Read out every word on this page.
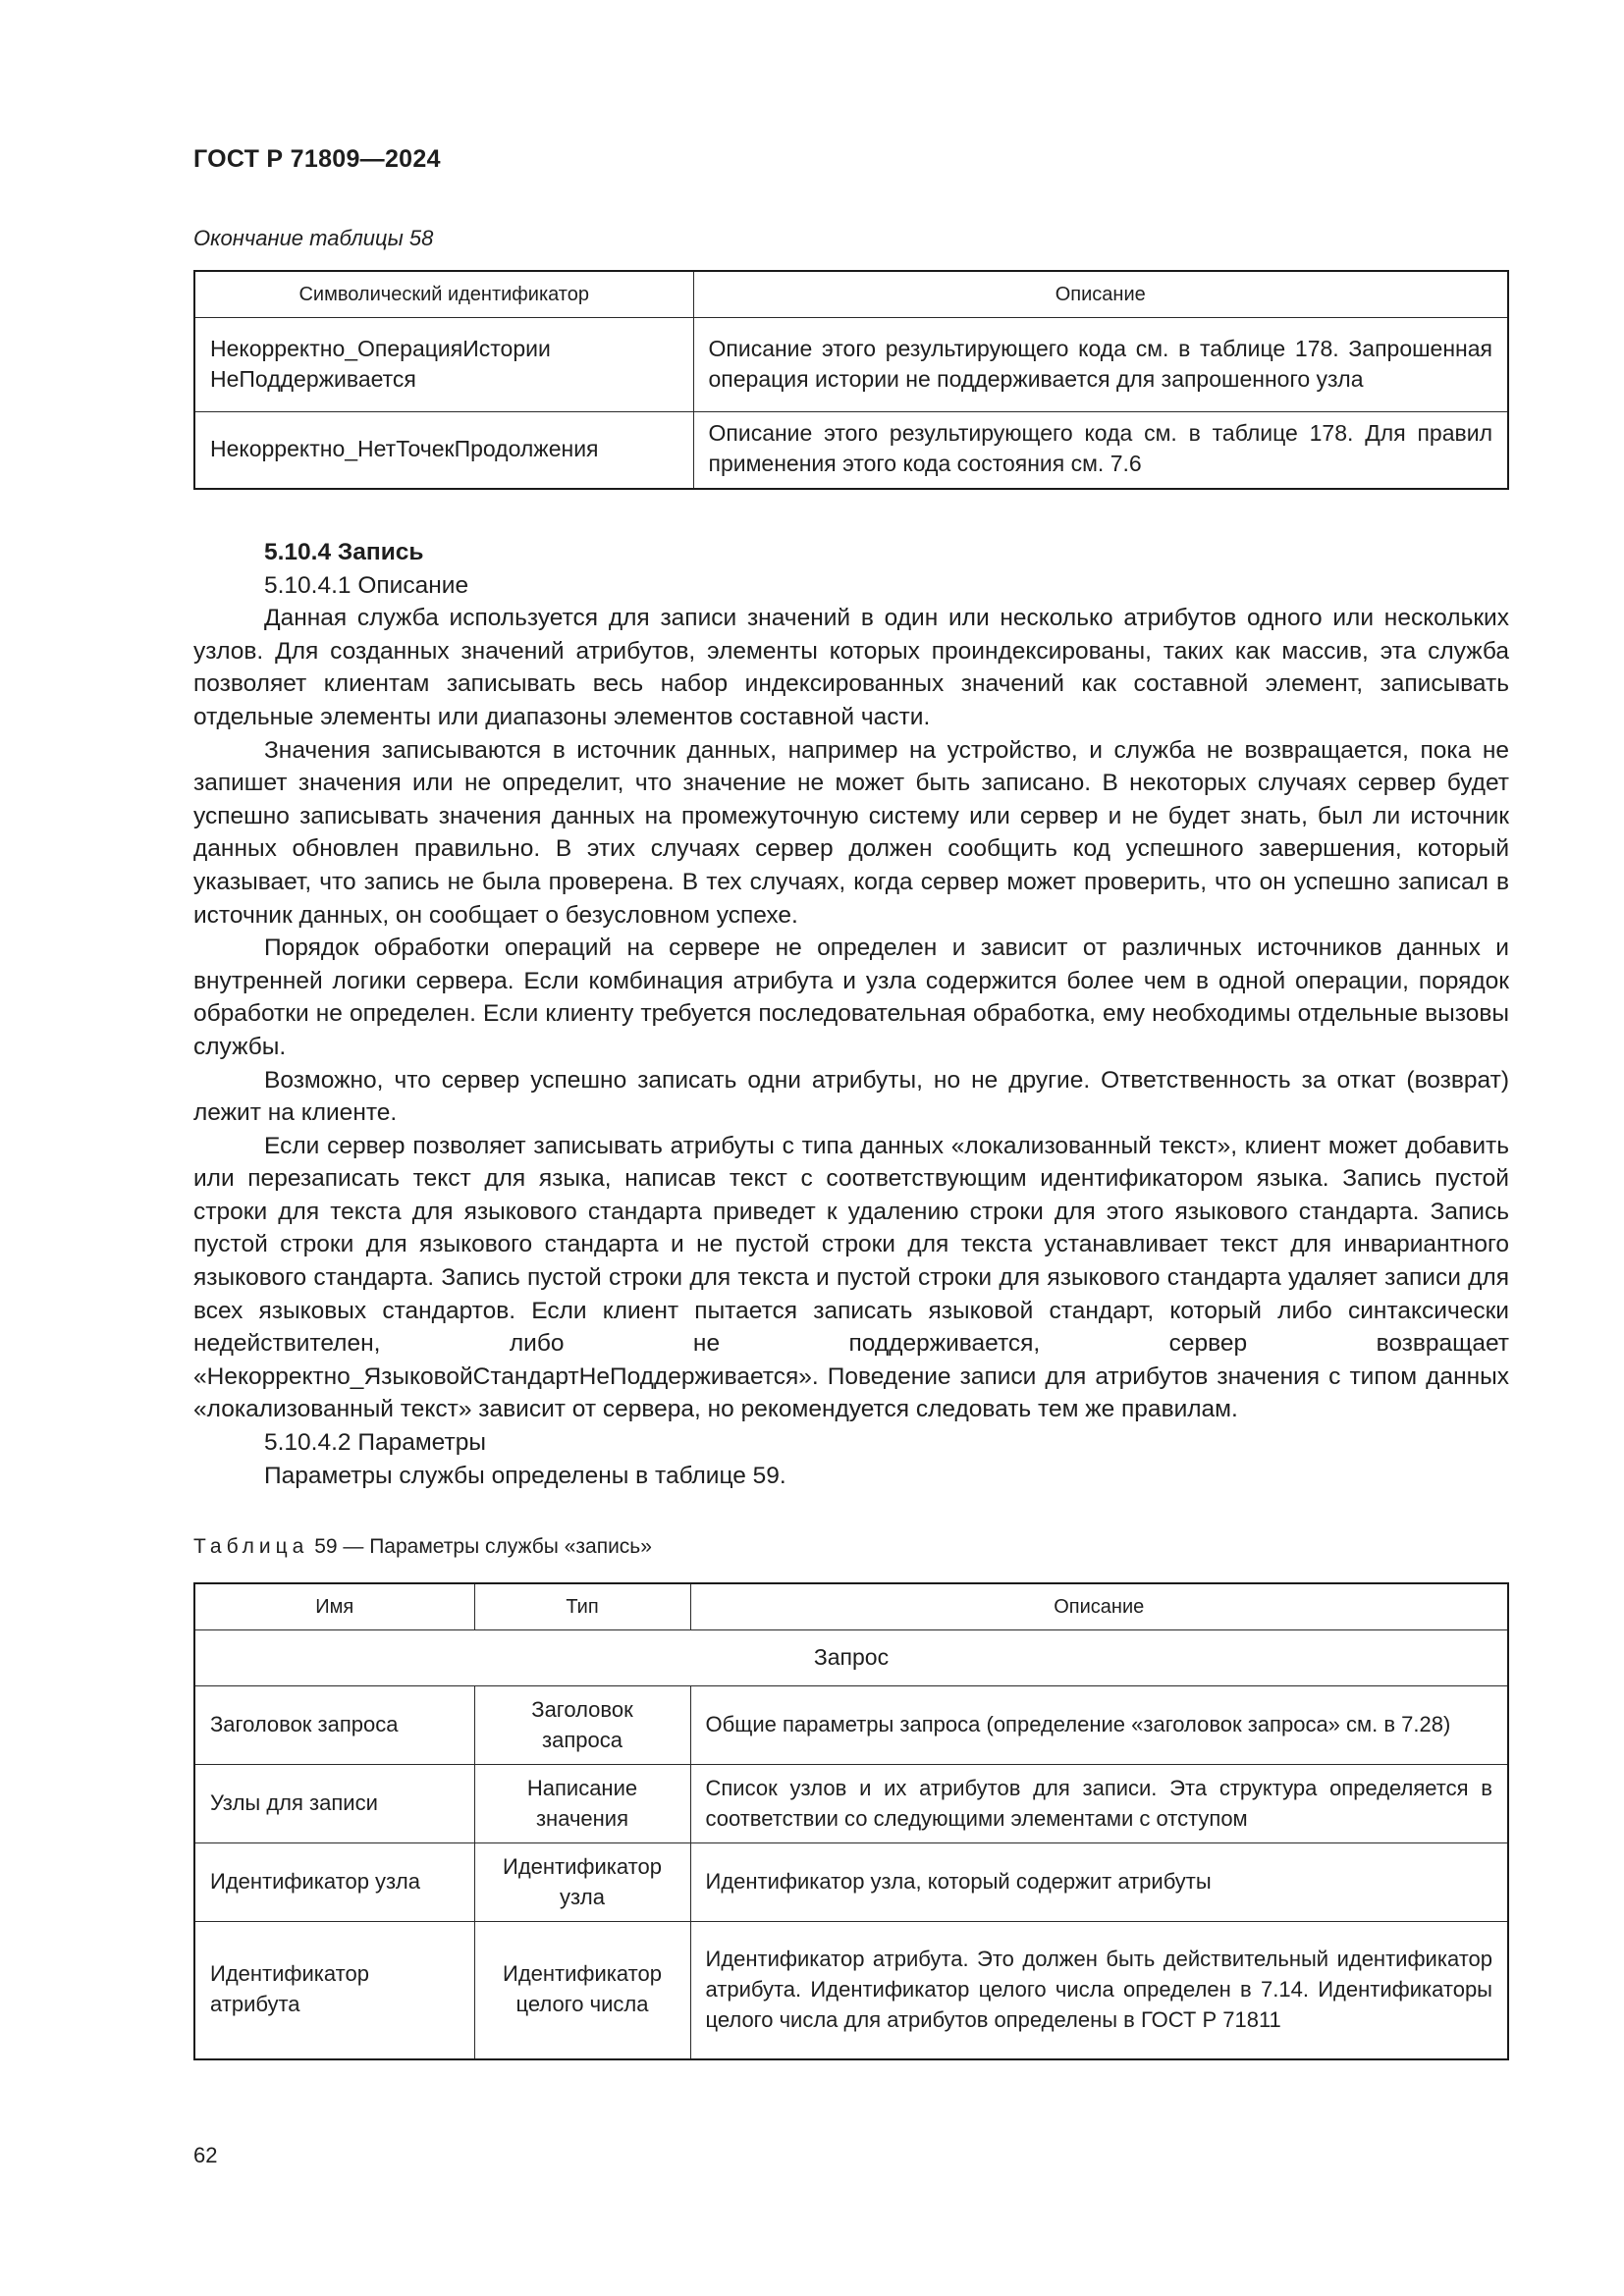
ГОСТ Р 71809—2024
Окончание таблицы 58
Символический идентификатор	Описание
Некорректно_ОперацияИстории НеПоддерживается	Описание этого результирующего кода см. в таблице 178. Запрошенная операция истории не поддерживается для запрошенного узла
Некорректно_НетТочекПродолжения	Описание этого результирующего кода см. в таблице 178. Для правил применения этого кода состояния см. 7.6

5.10.4 Запись

5.10.4.1 Описание

Данная служба используется для записи значений в один или несколько атрибутов одного или нескольких узлов. Для созданных значений атрибутов, элементы которых проиндексированы, таких как массив, эта служба позволяет клиентам записывать весь набор индексированных значений как составной элемент, записывать отдельные элементы или диапазоны элементов составной части.

Значения записываются в источник данных, например на устройство, и служба не возвращается, пока не запишет значения или не определит, что значение не может быть записано. В некоторых случаях сервер будет успешно записывать значения данных на промежуточную систему или сервер и не будет знать, был ли источник данных обновлен правильно. В этих случаях сервер должен сообщить код успешного завершения, который указывает, что запись не была проверена. В тех случаях, когда сервер может проверить, что он успешно записал в источник данных, он сообщает о безусловном успехе.

Порядок обработки операций на сервере не определен и зависит от различных источников данных и внутренней логики сервера. Если комбинация атрибута и узла содержится более чем в одной операции, порядок обработки не определен. Если клиенту требуется последовательная обработка, ему необходимы отдельные вызовы службы.

Возможно, что сервер успешно записать одни атрибуты, но не другие. Ответственность за откат (возврат) лежит на клиенте.

Если сервер позволяет записывать атрибуты с типа данных «локализованный текст», клиент может добавить или перезаписать текст для языка, написав текст с соответствующим идентификатором языка. Запись пустой строки для текста для языкового стандарта приведет к удалению строки для этого языкового стандарта. Запись пустой строки для языкового стандарта и не пустой строки для текста устанавливает текст для инвариантного языкового стандарта. Запись пустой строки для текста и пустой строки для языкового стандарта удаляет записи для всех языковых стандартов. Если клиент пытается записать языковой стандарт, который либо синтаксически недействителен, либо не поддерживается, сервер возвращает «Некорректно_ЯзыковойСтандартНеПоддерживается». Поведение записи для атрибутов значения с типом данных «локализованный текст» зависит от сервера, но рекомендуется следовать тем же правилам.

5.10.4.2 Параметры

Параметры службы определены в таблице 59.

Таблица 59 — Параметры службы «запись»
Имя	Тип	Описание
Запрос		
Заголовок запроса	Заголовок запроса	Общие параметры запроса (определение «заголовок запроса» см. в 7.28)
Узлы для записи	Написание значения	Список узлов и их атрибутов для записи. Эта структура определяется в соответствии со следующими элементами с отступом
Идентификатор узла	Идентификатор узла	Идентификатор узла, который содержит атрибуты
Идентификатор атрибута	Идентификатор целого числа	Идентификатор атрибута. Это должен быть действительный идентификатор атрибута. Идентификатор целого числа определен в 7.14. Идентификаторы целого числа для атрибутов определены в ГОСТ Р 71811
62
